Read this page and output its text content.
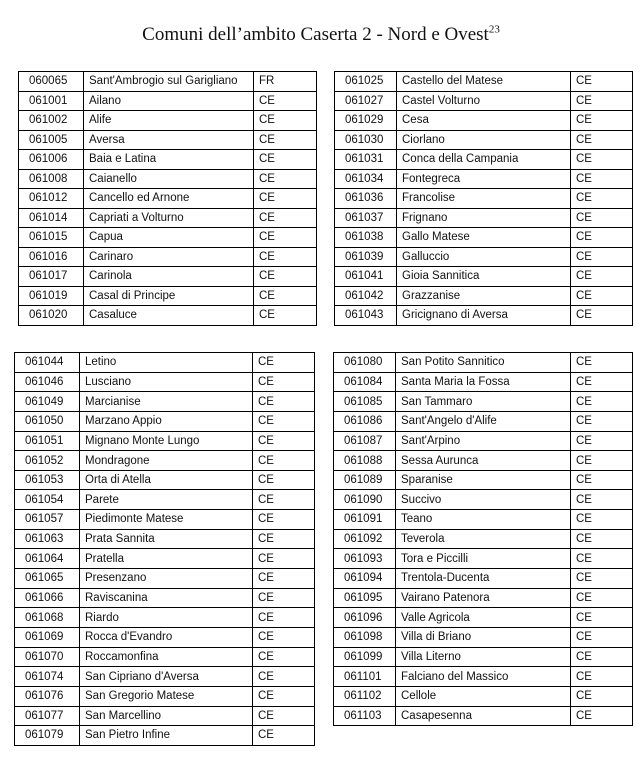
Comuni dell’ambito Caserta 2 - Nord e Ovest$^{23}$
060065	Sant'Ambrogio sul Garigliano	FR
061001	Ailano	CE
061002	Alife	CE
061005	Aversa	CE
061006	Baia e Latina	CE
061008	Caianello	CE
061012	Cancello ed Arnone	CE
061014	Capriati a Volturno	CE
061015	Capua	CE
061016	Carinaro	CE
061017	Carinola	CE
061019	Casal di Principe	CE
061020	Casaluce	CE
061025	Castello del Matese	CE
061027	Castel Volturno	CE
061029	Cesa	CE
061030	Ciorlano	CE
061031	Conca della Campania	CE
061034	Fontegreca	CE
061036	Francolise	CE
061037	Frignano	CE
061038	Gallo Matese	CE
061039	Galluccio	CE
061041	Gioia Sannitica	CE
061042	Grazzanise	CE
061043	Gricignano di Aversa	CE
061044	Letino	CE
061046	Lusciano	CE
061049	Marcianise	CE
061050	Marzano Appio	CE
061051	Mignano Monte Lungo	CE
061052	Mondragone	CE
061053	Orta di Atella	CE
061054	Parete	CE
061057	Piedimonte Matese	CE
061063	Prata Sannita	CE
061064	Pratella	CE
061065	Presenzano	CE
061066	Raviscanina	CE
061068	Riardo	CE
061069	Rocca d'Evandro	CE
061070	Roccamonfina	CE
061074	San Cipriano d'Aversa	CE
061076	San Gregorio Matese	CE
061077	San Marcellino	CE
061079	San Pietro Infine	CE
061080	San Potito Sannitico	CE
061084	Santa Maria la Fossa	CE
061085	San Tammaro	CE
061086	Sant'Angelo d'Alife	CE
061087	Sant'Arpino	CE
061088	Sessa Aurunca	CE
061089	Sparanise	CE
061090	Succivo	CE
061091	Teano	CE
061092	Teverola	CE
061093	Tora e Piccilli	CE
061094	Trentola-Ducenta	CE
061095	Vairano Patenora	CE
061096	Valle Agricola	CE
061098	Villa di Briano	CE
061099	Villa Literno	CE
061101	Falciano del Massico	CE
061102	Cellole	CE
061103	Casapesenna	CE
